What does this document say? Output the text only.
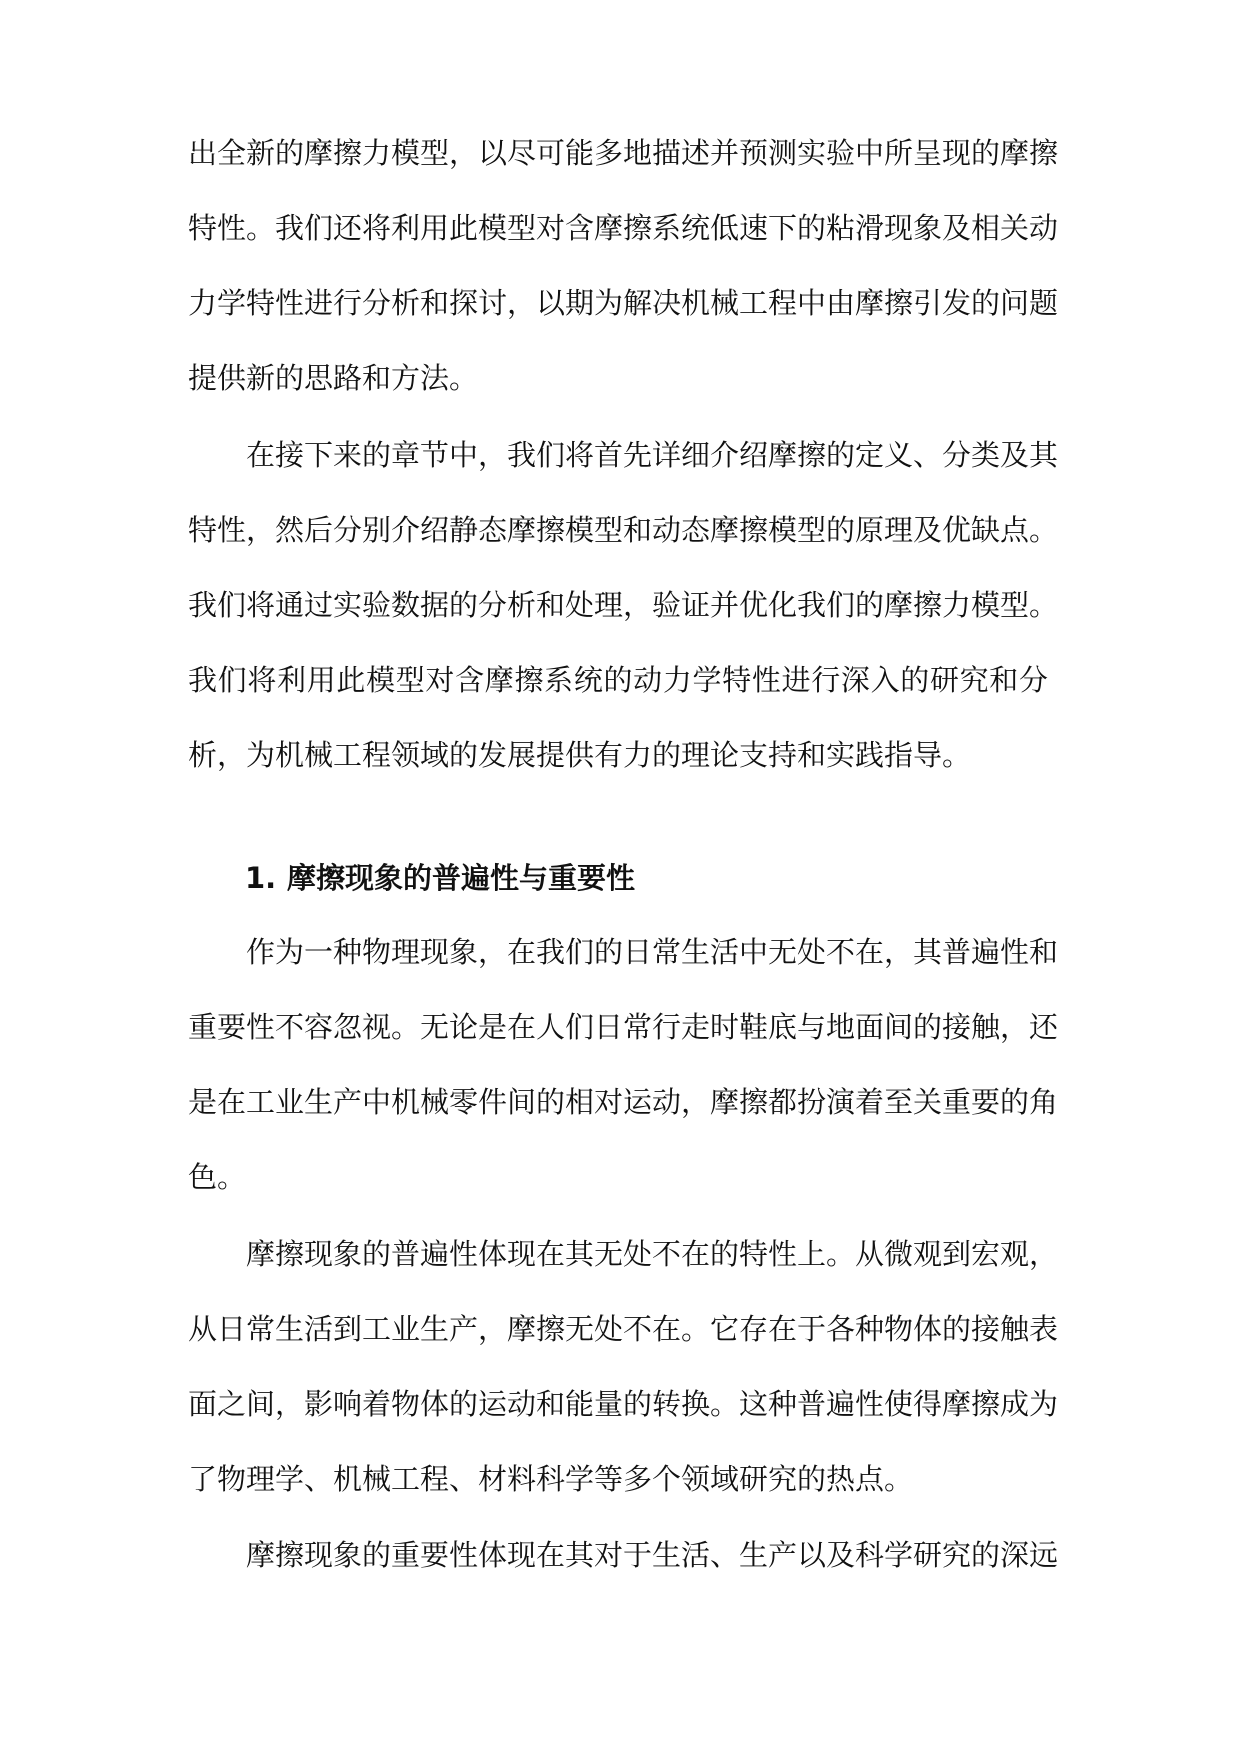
出全新的摩擦力模型，以尽可能多地描述并预测实验中所呈现的摩擦
特性。我们还将利用此模型对含摩擦系统低速下的粘滑现象及相关动
力学特性进行分析和探讨，以期为解决机械工程中由摩擦引发的问题
提供新的思路和方法。
在接下来的章节中，我们将首先详细介绍摩擦的定义、分类及其
特性，然后分别介绍静态摩擦模型和动态摩擦模型的原理及优缺点。
我们将通过实验数据的分析和处理，验证并优化我们的摩擦力模型。
我们将利用此模型对含摩擦系统的动力学特性进行深入的研究和分
析，为机械工程领域的发展提供有力的理论支持和实践指导。
1. 摩擦现象的普遍性与重要性
作为一种物理现象，在我们的日常生活中无处不在，其普遍性和
重要性不容忽视。无论是在人们日常行走时鞋底与地面间的接触，还
是在工业生产中机械零件间的相对运动，摩擦都扮演着至关重要的角
色。
摩擦现象的普遍性体现在其无处不在的特性上。从微观到宏观，
从日常生活到工业生产，摩擦无处不在。它存在于各种物体的接触表
面之间，影响着物体的运动和能量的转换。这种普遍性使得摩擦成为
了物理学、机械工程、材料科学等多个领域研究的热点。
摩擦现象的重要性体现在其对于生活、生产以及科学研究的深远
